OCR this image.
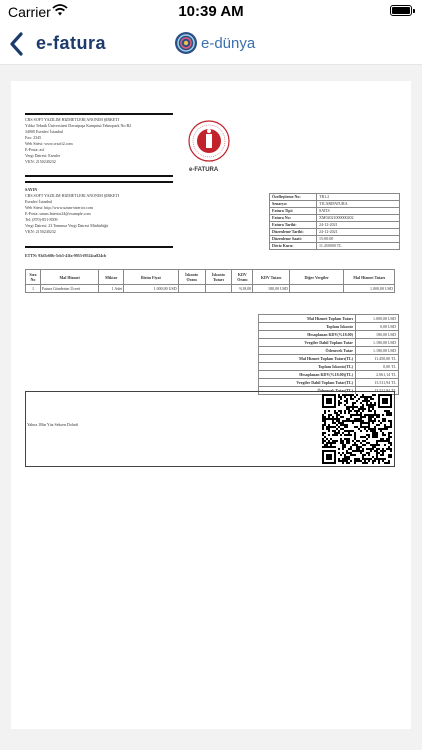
Carrier	10:39 AM
e-fatura	e-dünya
CRS SOFT YAZILIM HIZMETLERI ANONIM ŞIRKETI
Yıldız Teknik Üniversitesi Davutpaşa Kampüsü Teknopark No:B2
34000 Esenler/ İstanbul
Fax: 2345
Web Sitesi: www.crsoft2.com
E-Posta: asf
Vergi Dairesi: Esenler
VKN: 2150240232
e-FATURA
SAYIN
CRS SOFT YAZILIM HIZMETLERI ANONIM ŞIRKETI
Esenler/ İstanbul
Web Sitesi: http://www.uzum-interior.com
E-Posta: uzum.Interior24@example.com
Tel: (870)-851-8509
Vergi Dairesi: 23 Temmuz Vergi Dairesi Müdürlüğü
VKN: 2150240232
Özelleştirme No:	TR1.2
Senaryo:	TICARIFATURA
Fatura Tipi:	SATIS
Fatura No:	XM02021000000202
Fatura Tarihi:	24-12-2021
Düzenleme Tarihi:	24-12-2021
Düzenleme Saati:	15:00:00
Döviz Kuru:	11.450000 TL
ETTN: 93d3c60b-5cb3-41fa-9953-f9524ca824cb
Sıra No	Mal Hizmet	Miktar	Birim Fiyat	İskonto Oranı	İskonto Tutarı	KDV Oranı	KDV Tutarı	Diğer Vergiler	Mal Hizmet Tutarı
1	Fatura Gönderim Ücreti	1 Adet	1.000,00 USD			%18,00	180,00 USD		1.000,00 USD
Mal Hizmet Toplam Tutarı	1.000,00 USD
Toplam İskonto	0,00 USD
Hesaplanan KDV(%18.00)	180,00 USD
Vergiler Dahil Toplam Tutar	1.180,00 USD
Ödenecek Tutar	1.180,00 USD
Mal Hizmet Toplam Tutarı(TL)	11.450,00 TL
Toplam İskonto(TL)	0,00 TL
Hesaplanan KDV(%18.00)(TL)	2.061,14 TL
Vergiler Dahil Toplam Tutar(TL)	13.511,94 TL
Ödenecek Tutar(TL)	13.511,94 TL
Yalnız 1Bin Yüz Seksen Dolar#
